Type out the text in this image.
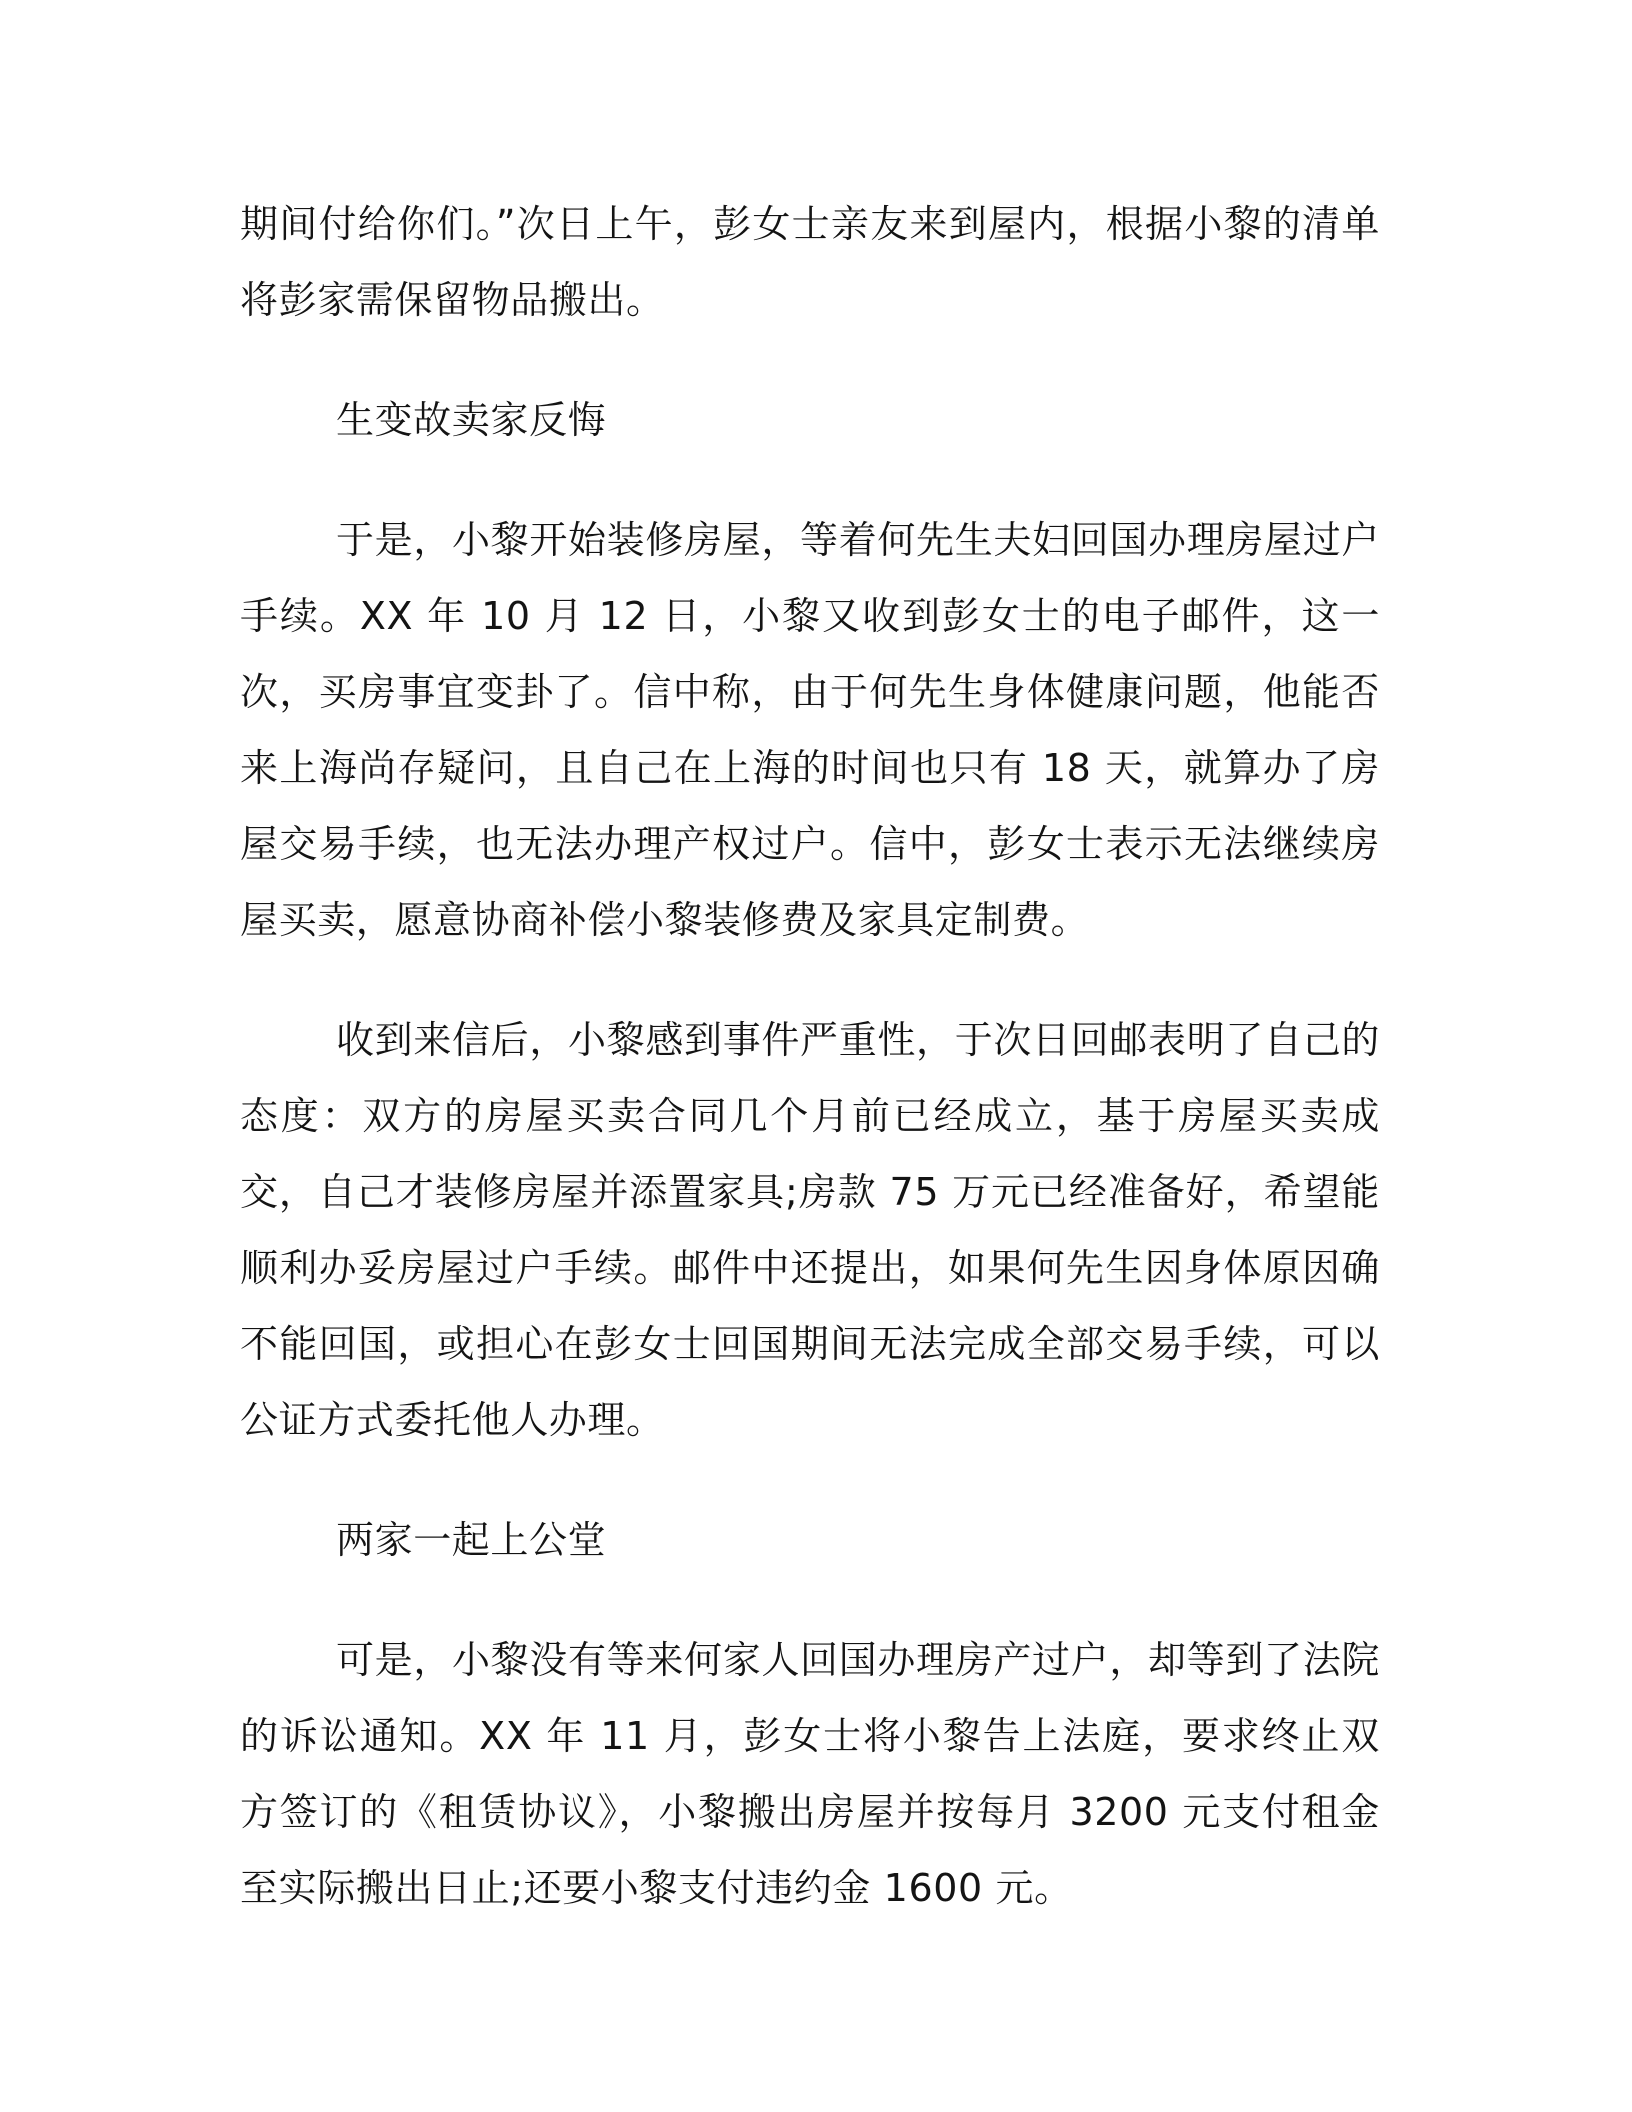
期间付给你们。”次日上午，彭女士亲友来到屋内，根据小黎的清单将彭家需保留物品搬出。

生变故卖家反悔

于是，小黎开始装修房屋，等着何先生夫妇回国办理房屋过户手续。XX 年 10 月 12 日，小黎又收到彭女士的电子邮件，这一次，买房事宜变卦了。信中称，由于何先生身体健康问题，他能否来上海尚存疑问，且自己在上海的时间也只有 18 天，就算办了房屋交易手续，也无法办理产权过户。信中，彭女士表示无法继续房屋买卖，愿意协商补偿小黎装修费及家具定制费。

收到来信后，小黎感到事件严重性，于次日回邮表明了自己的态度：双方的房屋买卖合同几个月前已经成立，基于房屋买卖成交，自己才装修房屋并添置家具;房款 75 万元已经准备好，希望能顺利办妥房屋过户手续。邮件中还提出，如果何先生因身体原因确不能回国，或担心在彭女士回国期间无法完成全部交易手续，可以公证方式委托他人办理。

两家一起上公堂

可是，小黎没有等来何家人回国办理房产过户，却等到了法院的诉讼通知。XX 年 11 月，彭女士将小黎告上法庭，要求终止双方签订的《租赁协议》，小黎搬出房屋并按每月 3200 元支付租金至实际搬出日止;还要小黎支付违约金 1600 元。
